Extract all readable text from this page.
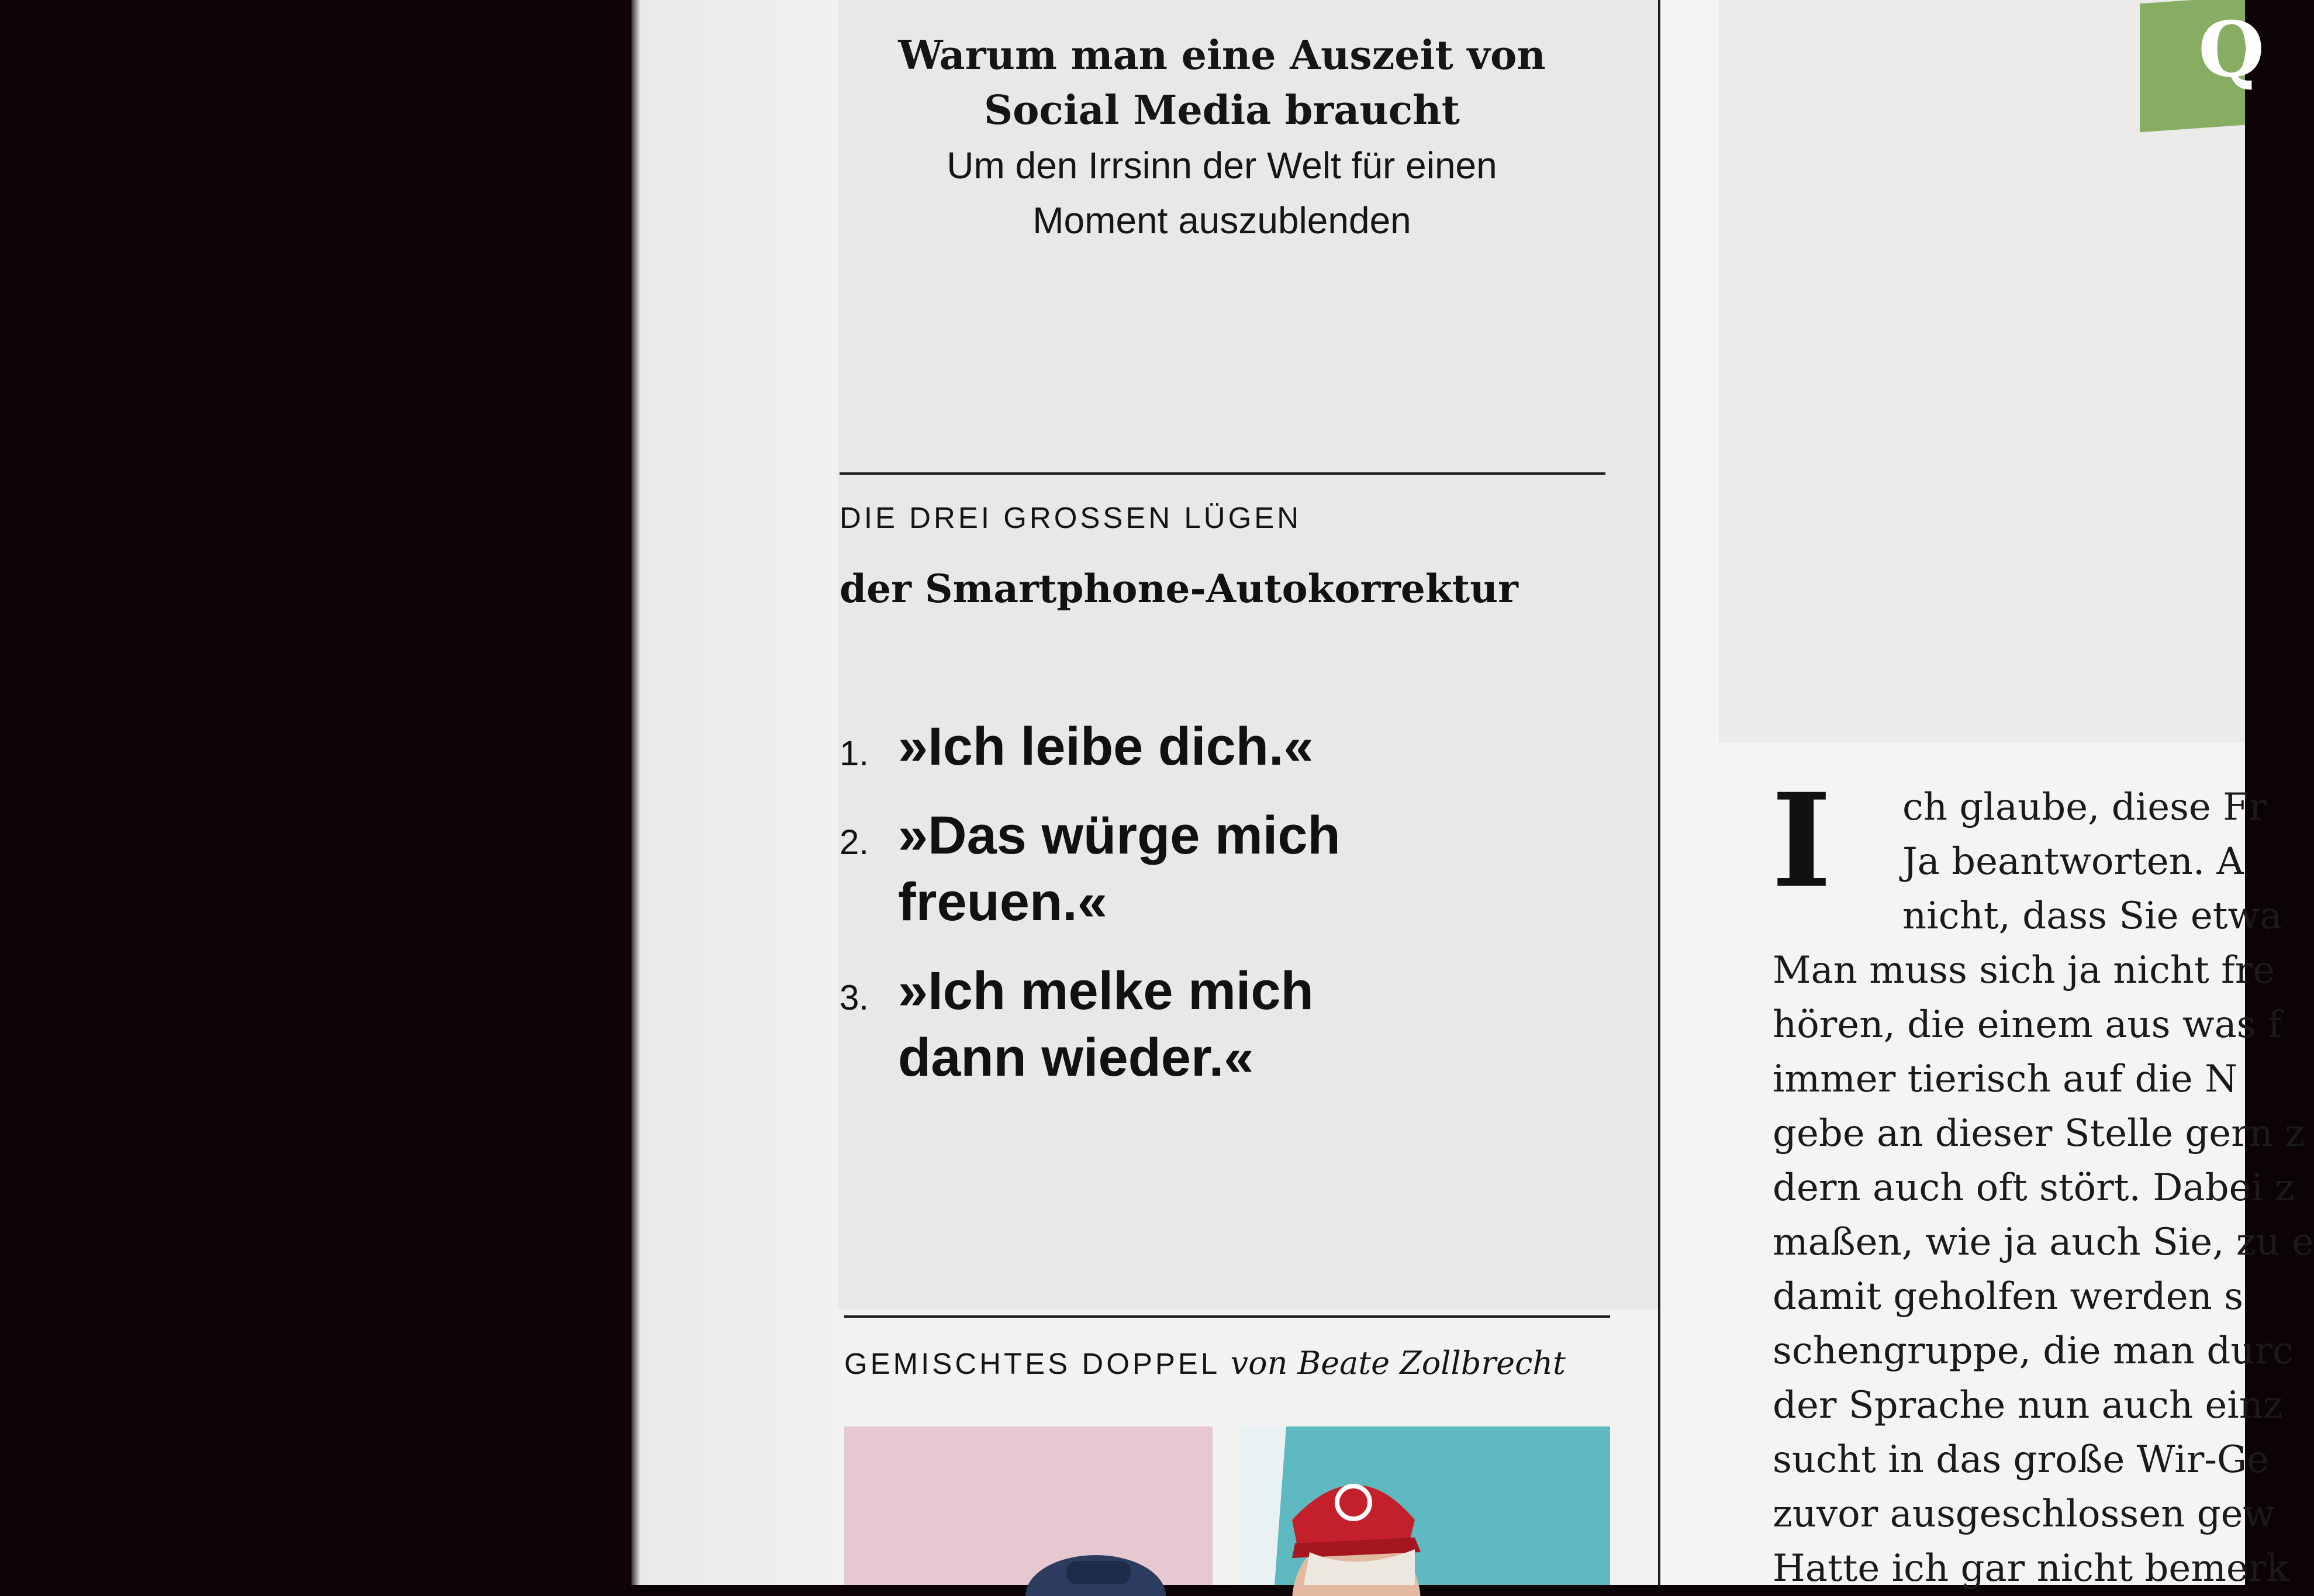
Q
Warum man eine Auszeit von
Social Media braucht
Um den Irrsinn der Welt für einen
Moment auszublenden
DIE DREI GROSSEN LÜGEN
der Smartphone-Autokorrektur
1. »Ich leibe dich.«
2. »Das würge mich
freuen.«
3. »Ich melke mich
dann wieder.«
GEMISCHTES DOPPEL von Beate Zollbrecht
I	ch glaube, diese Fr
Ja beantworten. A
nicht, dass Sie etwa
Man muss sich ja nicht fre
hören, die einem aus was f
immer tierisch auf die N
gebe an dieser Stelle gern z
dern auch oft stört. Dabei z
maßen, wie ja auch Sie, zu e
damit geholfen werden s
schengruppe, die man durc
der Sprache nun auch einz
sucht in das große Wir-Ge
zuvor ausgeschlossen gew
Hatte ich gar nicht bemerk
